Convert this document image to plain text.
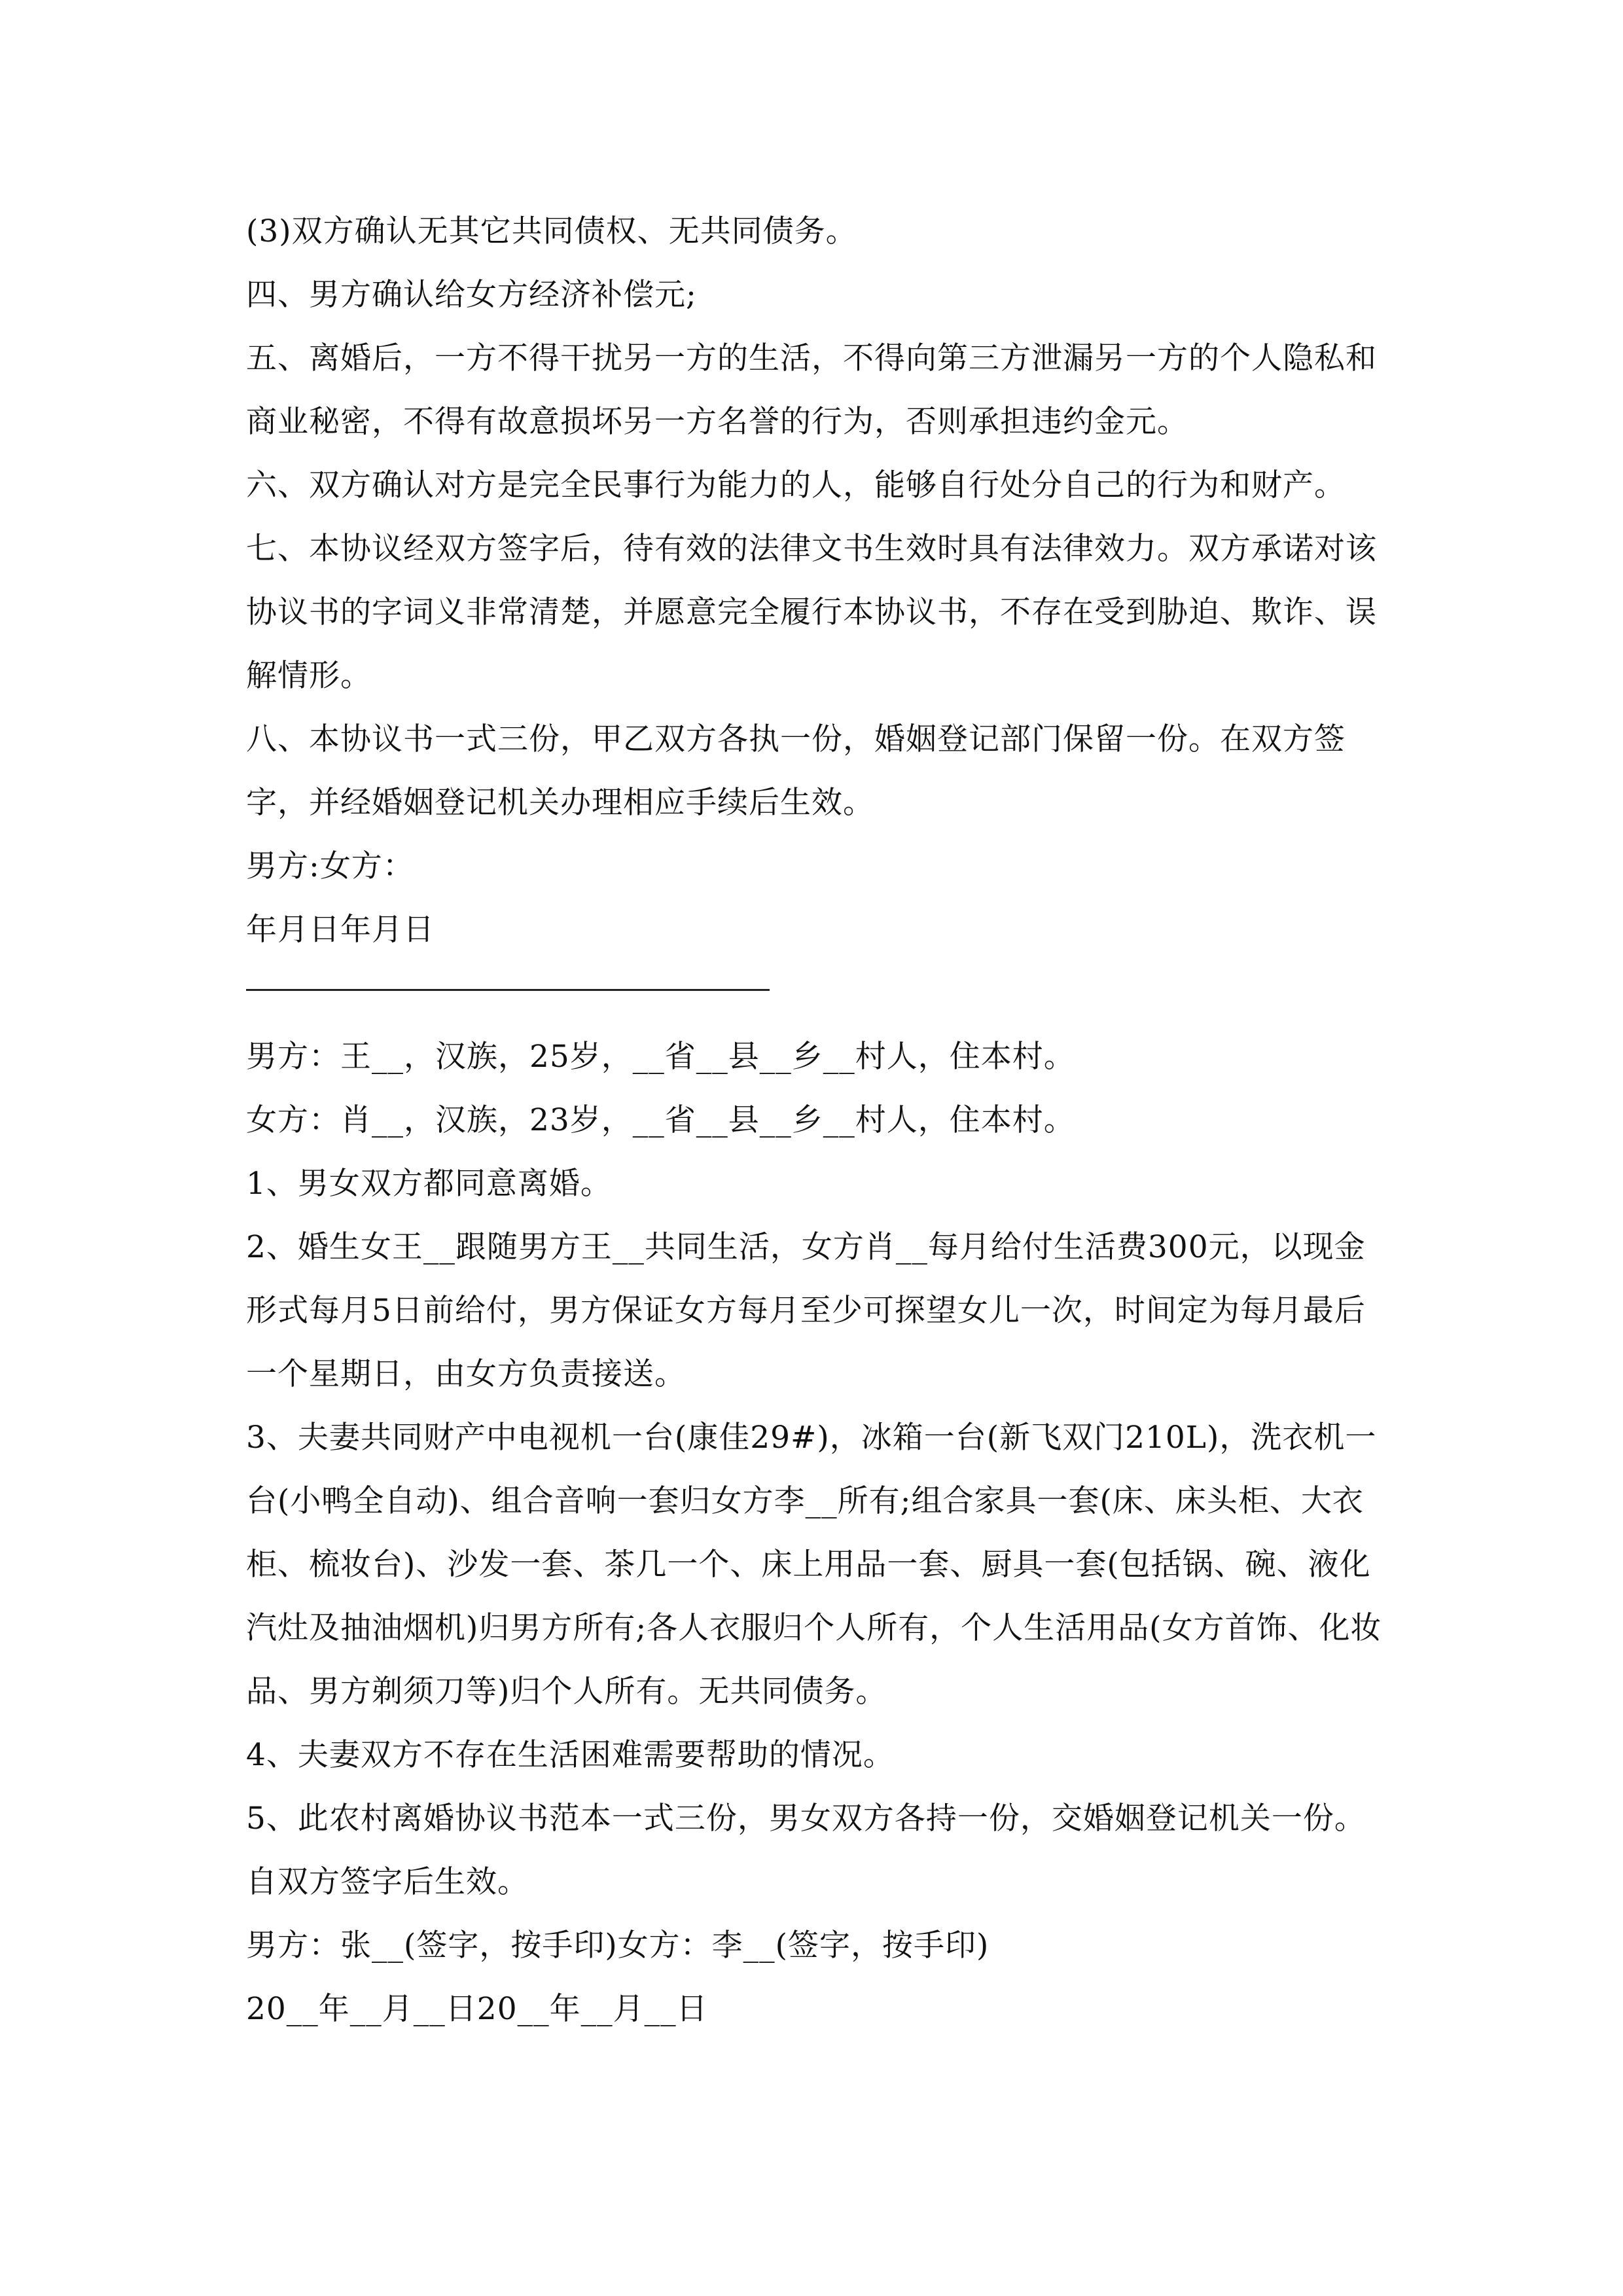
(3)双方确认无其它共同债权、无共同债务。

四、男方确认给女方经济补偿元;

五、离婚后，一方不得干扰另一方的生活，不得向第三方泄漏另一方的个人隐私和商业秘密，不得有故意损坏另一方名誉的行为，否则承担违约金元。

六、双方确认对方是完全民事行为能力的人，能够自行处分自己的行为和财产。

七、本协议经双方签字后，待有效的法律文书生效时具有法律效力。双方承诺对该协议书的字词义非常清楚，并愿意完全履行本协议书，不存在受到胁迫、欺诈、误解情形。

八、本协议书一式三份，甲乙双方各执一份，婚姻登记部门保留一份。在双方签字，并经婚姻登记机关办理相应手续后生效。

男方:女方：

年月日年月日

男方：王__，汉族，25岁，__省__县__乡__村人，住本村。

女方：肖__，汉族，23岁，__省__县__乡__村人，住本村。

1、男女双方都同意离婚。

2、婚生女王__跟随男方王__共同生活，女方肖__每月给付生活费300元，以现金形式每月5日前给付，男方保证女方每月至少可探望女儿一次，时间定为每月最后一个星期日，由女方负责接送。

3、夫妻共同财产中电视机一台(康佳29#)，冰箱一台(新飞双门210L)，洗衣机一台(小鸭全自动)、组合音响一套归女方李__所有;组合家具一套(床、床头柜、大衣柜、梳妆台)、沙发一套、茶几一个、床上用品一套、厨具一套(包括锅、碗、液化汽灶及抽油烟机)归男方所有;各人衣服归个人所有，个人生活用品(女方首饰、化妆品、男方剃须刀等)归个人所有。无共同债务。

4、夫妻双方不存在生活困难需要帮助的情况。

5、此农村离婚协议书范本一式三份，男女双方各持一份，交婚姻登记机关一份。自双方签字后生效。

男方：张__(签字，按手印)女方：李__(签字，按手印)

20__年__月__日20__年__月__日
